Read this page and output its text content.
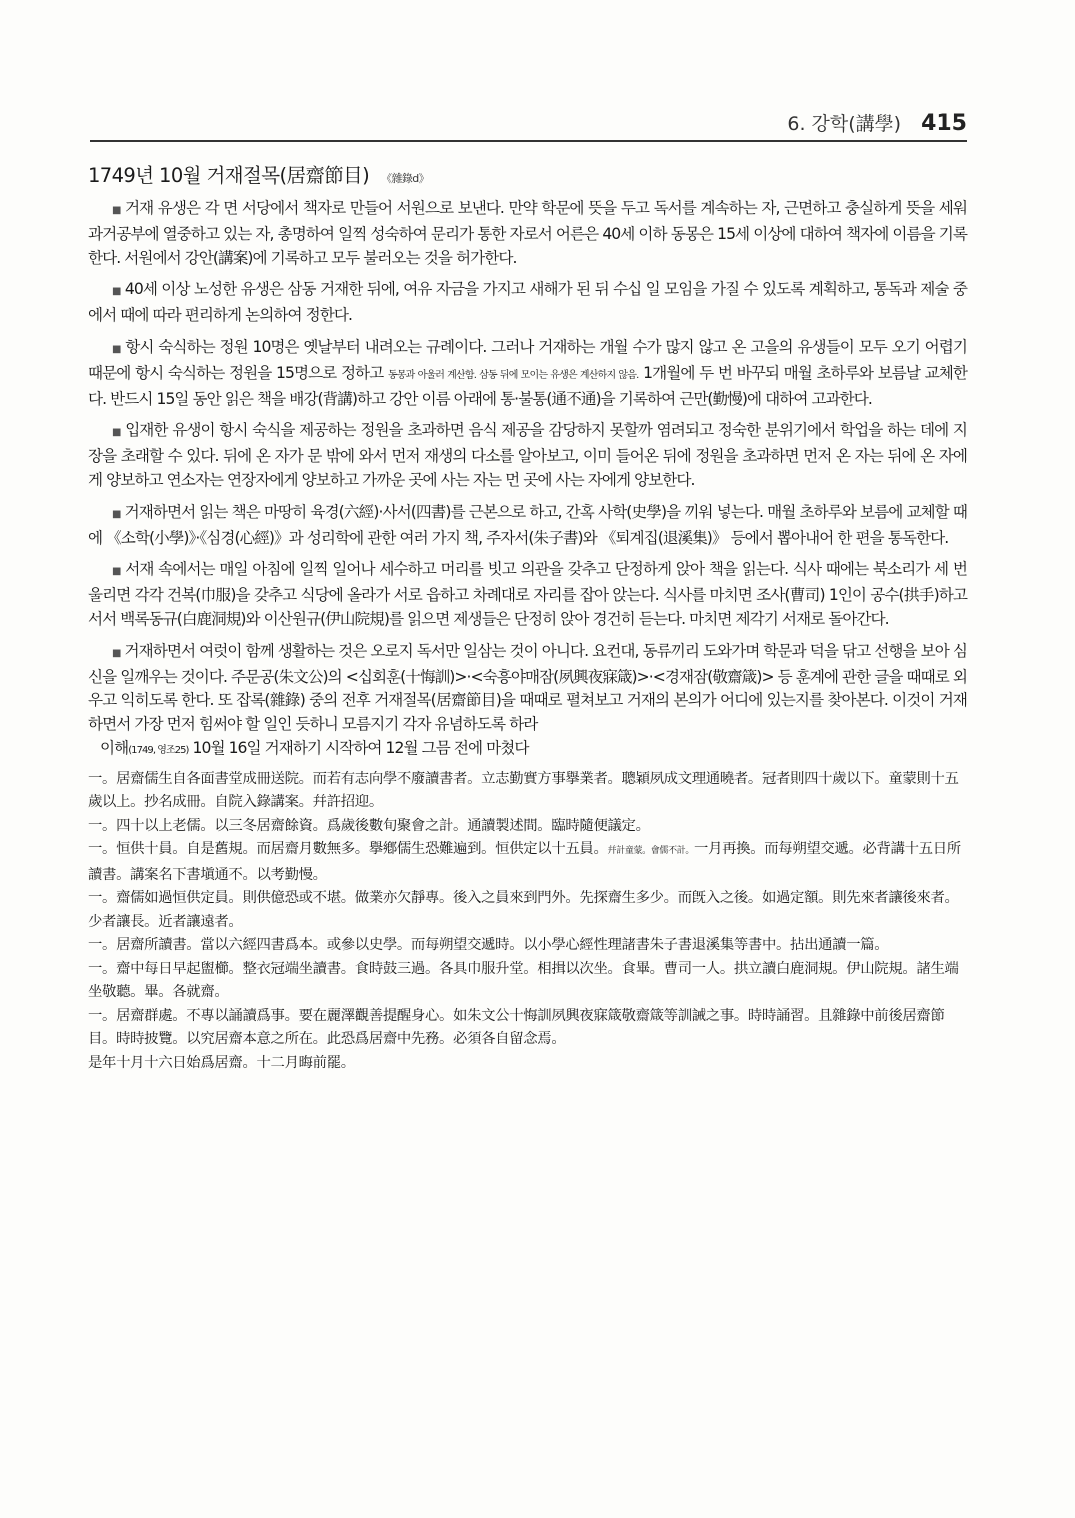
6. 강학(講學) 415
1749년 10월 거재절목(居齋節目) 《雜錄d》

■ 거재 유생은 각 면 서당에서 책자로 만들어 서원으로 보낸다. 만약 학문에 뜻을 두고 독서를 계속하는 자, 근면하고 충실하게 뜻을 세워 과거공부에 열중하고 있는 자, 총명하여 일찍 성숙하여 문리가 통한 자로서 어른은 40세 이하 동몽은 15세 이상에 대하여 책자에 이름을 기록한다. 서원에서 강안(講案)에 기록하고 모두 불러오는 것을 허가한다.

■ 40세 이상 노성한 유생은 삼동 거재한 뒤에, 여유 자금을 가지고 새해가 된 뒤 수십 일 모임을 가질 수 있도록 계획하고, 통독과 제술 중에서 때에 따라 편리하게 논의하여 정한다.

■ 항시 숙식하는 정원 10명은 옛날부터 내려오는 규례이다. 그러나 거재하는 개월 수가 많지 않고 온 고을의 유생들이 모두 오기 어렵기 때문에 항시 숙식하는 정원을 15명으로 정하고 동몽과 아울러 계산함. 삼동 뒤에 모이는 유생은 계산하지 않음. 1개월에 두 번 바꾸되 매월 초하루와 보름날 교체한다. 반드시 15일 동안 읽은 책을 배강(背講)하고 강안 이름 아래에 통·불통(通不通)을 기록하여 근만(勤慢)에 대하여 고과한다.

■ 입재한 유생이 항시 숙식을 제공하는 정원을 초과하면 음식 제공을 감당하지 못할까 염려되고 정숙한 분위기에서 학업을 하는 데에 지장을 초래할 수 있다. 뒤에 온 자가 문 밖에 와서 먼저 재생의 다소를 알아보고, 이미 들어온 뒤에 정원을 초과하면 먼저 온 자는 뒤에 온 자에게 양보하고 연소자는 연장자에게 양보하고 가까운 곳에 사는 자는 먼 곳에 사는 자에게 양보한다.

■ 거재하면서 읽는 책은 마땅히 육경(六經)·사서(四書)를 근본으로 하고, 간혹 사학(史學)을 끼워 넣는다. 매월 초하루와 보름에 교체할 때에 《소학(小學)》·《심경(心經)》과 성리학에 관한 여러 가지 책, 주자서(朱子書)와 《퇴계집(退溪集)》 등에서 뽑아내어 한 편을 통독한다.

■ 서재 속에서는 매일 아침에 일찍 일어나 세수하고 머리를 빗고 의관을 갖추고 단정하게 앉아 책을 읽는다. 식사 때에는 북소리가 세 번 울리면 각각 건복(巾服)을 갖추고 식당에 올라가 서로 읍하고 차례대로 자리를 잡아 앉는다. 식사를 마치면 조사(曹司) 1인이 공수(拱手)하고 서서 백록동규(白鹿洞規)와 이산원규(伊山院規)를 읽으면 제생들은 단정히 앉아 경건히 듣는다. 마치면 제각기 서재로 돌아간다.

■ 거재하면서 여럿이 함께 생활하는 것은 오로지 독서만 일삼는 것이 아니다. 요컨대, 동류끼리 도와가며 학문과 덕을 닦고 선행을 보아 심신을 일깨우는 것이다. 주문공(朱文公)의 <십회훈(十悔訓)>·<숙흥야매잠(夙興夜寐箴)>·<경재잠(敬齋箴)> 등 훈계에 관한 글을 때때로 외우고 익히도록 한다. 또 잡록(雜錄) 중의 전후 거재절목(居齋節目)을 때때로 펼쳐보고 거재의 본의가 어디에 있는지를 찾아본다. 이것이 거재하면서 가장 먼저 힘써야 할 일인 듯하니 모름지기 각자 유념하도록 하라

이해(1749, 영조25) 10월 16일 거재하기 시작하여 12월 그믐 전에 마쳤다

一。居齋儒生自各面書堂成冊送院。而若有志向學不廢讀書者。立志勤實方事擧業者。聰穎夙成文理通曉者。冠者則四十歲以下。童蒙則十五歲以上。抄名成冊。自院入錄講案。幷許招迎。

一。四十以上老儒。以三冬居齋餘資。爲歲後數旬聚會之計。通讀製述間。臨時隨便議定。

一。恒供十員。自是舊規。而居齋月數無多。擧鄕儒生恐難遍到。恒供定以十五員。幷計童蒙。會儒不計。一月再換。而每朔望交遞。必背講十五日所讀書。講案名下書塡通不。以考勤慢。

一。齋儒如過恒供定員。則供億恐或不堪。做業亦欠靜專。後入之員來到門外。先探齋生多少。而旣入之後。如過定額。則先來者讓後來者。少者讓長。近者讓遠者。

一。居齋所讀書。當以六經四書爲本。或參以史學。而每朔望交遞時。以小學心經性理諸書朱子書退溪集等書中。拈出通讀一篇。

一。齋中每日早起盥櫛。整衣冠端坐讀書。食時鼓三過。各具巾服升堂。相揖以次坐。食畢。曹司一人。拱立讀白鹿洞規。伊山院規。諸生端坐敬聽。畢。各就齋。

一。居齋群處。不專以誦讀爲事。要在麗澤觀善提醒身心。如朱文公十悔訓夙興夜寐箴敬齋箴等訓誡之事。時時誦習。且雜錄中前後居齋節目。時時披覽。以究居齋本意之所在。此恐爲居齋中先務。必須各自留念焉。

是年十月十六日始爲居齋。十二月晦前罷。
